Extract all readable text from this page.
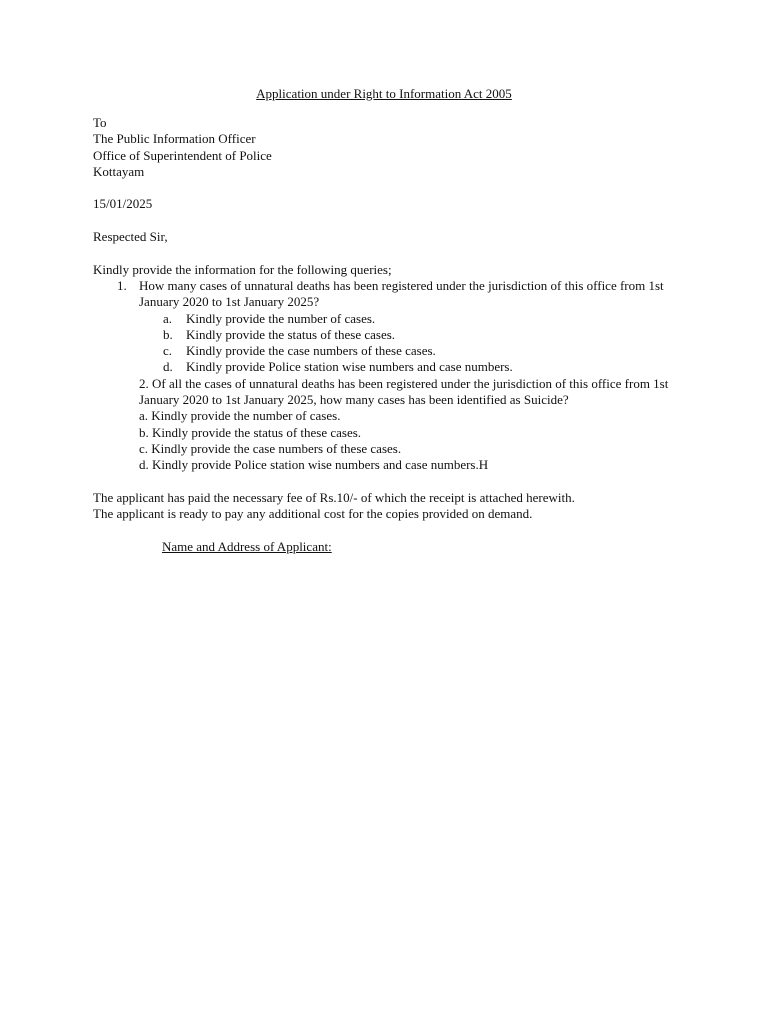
Application under Right to Information Act 2005
To
The Public Information Officer
Office of Superintendent of Police
Kottayam
15/01/2025
Respected Sir,
Kindly provide the information for the following queries;
1. How many cases of unnatural deaths has been registered under the jurisdiction of this office from 1st
January 2020 to 1st January 2025?
a.	Kindly provide the number of cases.
b.	Kindly provide the status of these cases.
c.	Kindly provide the case numbers of these cases.
d.	Kindly provide Police station wise numbers and case numbers.
2. Of all the cases of unnatural deaths has been registered under the jurisdiction of this office from 1st
January 2020 to 1st January 2025, how many cases has been identified as Suicide?
a. Kindly provide the number of cases.
b. Kindly provide the status of these cases.
c. Kindly provide the case numbers of these cases.
d. Kindly provide Police station wise numbers and case numbers.H
The applicant has paid the necessary fee of Rs.10/- of which the receipt is attached herewith.
The applicant is ready to pay any additional cost for the copies provided on demand.
Name and Address of Applicant:
